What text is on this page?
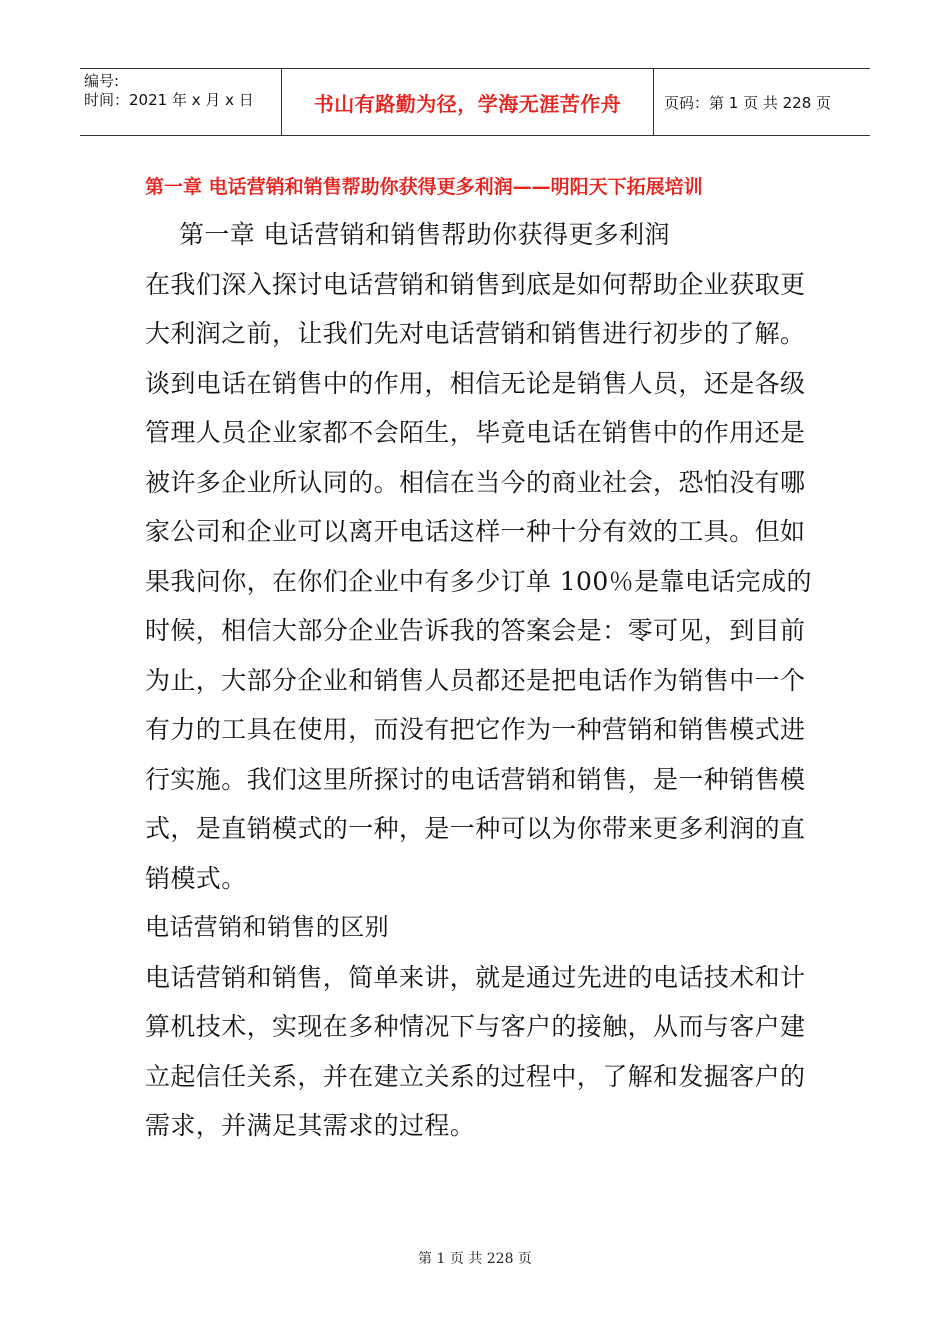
编号:
时间：2021 年 x 月 x 日	书山有路勤为径，学海无涯苦作舟	页码：第 1 页 共 228 页
第一章 电话营销和销售帮助你获得更多利润——明阳天下拓展培训

第一章 电话营销和销售帮助你获得更多利润

在我们深入探讨电话营销和销售到底是如何帮助企业获取更大利润之前，让我们先对电话营销和销售进行初步的了解。

谈到电话在销售中的作用，相信无论是销售人员，还是各级管理人员企业家都不会陌生，毕竟电话在销售中的作用还是被许多企业所认同的。相信在当今的商业社会，恐怕没有哪家公司和企业可以离开电话这样一种十分有效的工具。但如果我问你，在你们企业中有多少订单 100％是靠电话完成的时候，相信大部分企业告诉我的答案会是：零可见，到目前为止，大部分企业和销售人员都还是把电话作为销售中一个有力的工具在使用，而没有把它作为一种营销和销售模式进行实施。我们这里所探讨的电话营销和销售，是一种销售模式，是直销模式的一种，是一种可以为你带来更多利润的直销模式。

电话营销和销售的区别

电话营销和销售，简单来讲，就是通过先进的电话技术和计算机技术，实现在多种情况下与客户的接触，从而与客户建立起信任关系，并在建立关系的过程中，了解和发掘客户的需求，并满足其需求的过程。

第 1 页 共 228 页
